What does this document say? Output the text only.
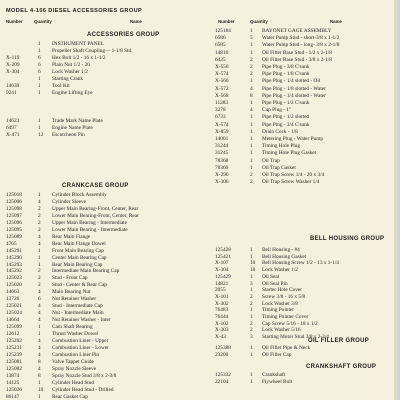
MODEL 4-106 DIESEL ACCESSORIES GROUP
Number	Quantity	Name	Number	Quantity	Name
ACCESSORIES GROUP
CRANKCASE GROUP
BELL HOUSING GROUP
OIL FILLER GROUP
CRANKSHAFT GROUP
1 INSTRUMENT PANEL
1 Propeller Shaft Coupling— 1-1/8 Std.
X-119	6 Hex Bolt 1/2 - 16 x 1-1/2
X-209	6 Plain Nut 1/2 - 20
X-304	6 Lock Washer 1/2
1 Starting Crank
14630	1 Tool Kit
9241	1 Engine Lifting Eye
14623	1 Trade Mark Name Plate
6497	1 Engine Name Plate
X-471	12 Escutcheon Pin
125018	1 Cylinder Block Assembly
125006	4 Cylinder Sleeve
125098	2 Upper Main Bearing-Front, Center, Rear
125097	2 Lower Main Bearing-Front, Center, Rear
125096	2 Upper Main Bearing - Intermediate
125095	2 Lower Main Bearing - Intermediate
125089	4 Rear Main Flange
4765	4 Rear Main Flange Dowel
145291	1 Front Main Bearing Cap
145290	1 Center Main Bearing Cap
145293	1 Rear Main Bearing Cap
145292	2 Intermediate Main Bearing Cap
125023	2 Stud - Front Cap
125020	2 Stud - Center & Rear Cap
14663	4 Main Bearing Nut
13726	6 Nut Retainer Washer
125021	4 Stud - Intermediate Cap
125024	4 Nut - Intermediate Main
14664	4 Nut Retainer Washer - Inter
125099	1 Cam Shaft Bearing
12612	1 Thrust Washer Dowel
125202	4 Combustion Liner - Upper
125231	4 Combustion Liner - Lower
125239	4 Combustion Liner Pin
125081	8 Valve Tappet Guide
125082	4 Spray Nozzle Sleeve
13874	8 Spray Nozzle Stud 3/8 x 2-3/8
14125	1 Cylinder Head Stud
125026	10 Cylinder Head Stud - Drilled
86147	1 Rear Gasket Cap
125184	1 BAYONET GAGE ASSEMBLY
6586	5 Water Pump Stud - short-3/8 x 1-1/2
6585	1 Water Pump Stud - long- 3/8 x 2-1/8
14810	1 Oil Filter Base Stud - 1/2 x 2-1/8
6425	2 Oil Filter Base Stud - 3/8 x 2-1/8
X-550	2 Pipe Plug - 3/8 C'sunk
X-574	2 Pipe Plug - 1/8 C'sunk
X-560	1 Pipe Plug - 1/4 slotted - Oil
X-572	4 Pipe Plug - 1/8 slotted - Water
X-568	8 Pipe Plug - 1/4 slotted - Water
11283	1 Pipe Plug - 1/2 C'sunk
3278	4 Cup Plug - 1"
6733	1 Pipe Plug - 1/2 slotted
X-574	1 Pipe Plug - 3/4 C'sunk
X-859	1 Drain Cock - 1/8
14001	1 Metering Plug - Water Pump
31244	1 Timing Hole Plug
31245	1 Timing Hole Plug Gasket
78368	1 Oil Trap
78369	1 Oil Trap Gasket
X-290	2 Oil Trap Screw 1/4 - 20 x 3/4
X-306	2 Oil Trap Screw Washer 1/4
125428	1 Bell Housing - #4
125421	1 Bell Housing Gasket
X-107	10 Bell Housing Screw 1/2 - 13 x 1-1/4
X-304	10 Lock Washer 1/2
125429	1 Oil Seal
14821	3 Oil Seal Pin
2055	1 Starter Hole Cover
X-101	2 Screw 3/8 - 16 x 5/8
X-302	2 Lock Washer 3/8
76483	1 Timing Pointer
76444	1 Timing Pointer Cover
X-102	2 Cap Screw 5/16 - 18 x 1/2
X-303	2 Lock Washer 5/16
X-43	3 Starting Motor Stud 3/8 x 2-3/4
125388	1 Oil Filler Pipe & Neck
23200	1 Oil Filler Cap
125332	1 Crankshaft
22104	1 Flywheel Bolt
